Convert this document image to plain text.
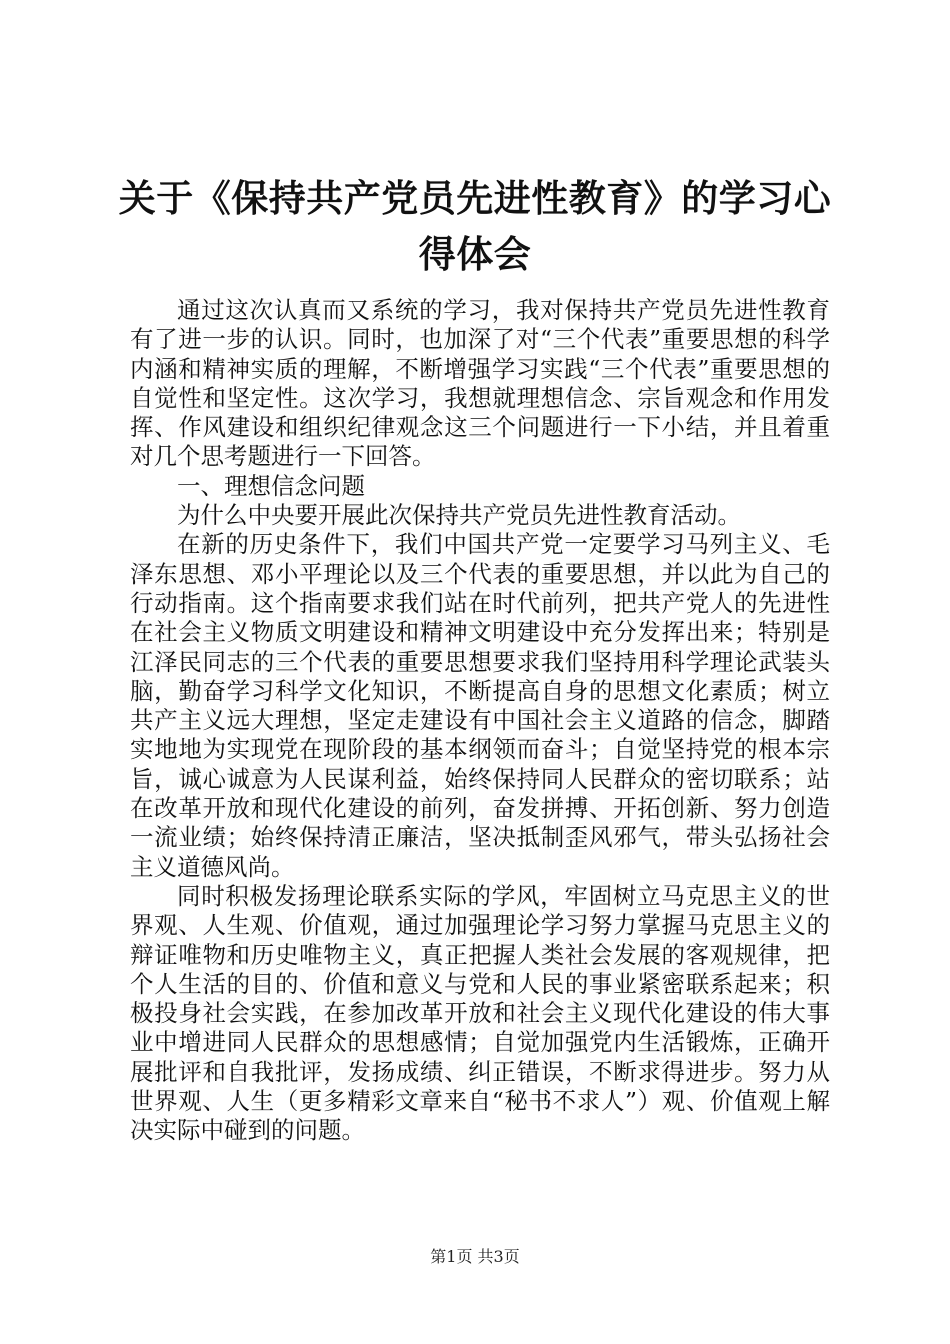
关于《保持共产党员先进性教育》的学习心得体会

通过这次认真而又系统的学习，我对保持共产党员先进性教育有了进一步的认识。同时，也加深了对“三个代表”重要思想的科学内涵和精神实质的理解，不断增强学习实践“三个代表”重要思想的自觉性和坚定性。这次学习，我想就理想信念、宗旨观念和作用发挥、作风建设和组织纪律观念这三个问题进行一下小结，并且着重对几个思考题进行一下回答。

一、理想信念问题

为什么中央要开展此次保持共产党员先进性教育活动。

在新的历史条件下，我们中国共产党一定要学习马列主义、毛泽东思想、邓小平理论以及三个代表的重要思想，并以此为自己的行动指南。这个指南要求我们站在时代前列，把共产党人的先进性在社会主义物质文明建设和精神文明建设中充分发挥出来；特别是江泽民同志的三个代表的重要思想要求我们坚持用科学理论武装头脑，勤奋学习科学文化知识，不断提高自身的思想文化素质；树立共产主义远大理想，坚定走建设有中国社会主义道路的信念，脚踏实地地为实现党在现阶段的基本纲领而奋斗；自觉坚持党的根本宗旨，诚心诚意为人民谋利益，始终保持同人民群众的密切联系；站在改革开放和现代化建设的前列，奋发拼搏、开拓创新、努力创造一流业绩；始终保持清正廉洁，坚决抵制歪风邪气，带头弘扬社会主义道德风尚。

同时积极发扬理论联系实际的学风，牢固树立马克思主义的世界观、人生观、价值观，通过加强理论学习努力掌握马克思主义的辩证唯物和历史唯物主义，真正把握人类社会发展的客观规律，把个人生活的目的、价值和意义与党和人民的事业紧密联系起来；积极投身社会实践，在参加改革开放和社会主义现代化建设的伟大事业中增进同人民群众的思想感情；自觉加强党内生活锻炼，正确开展批评和自我批评，发扬成绩、纠正错误，不断求得进步。努力从世界观、人生（更多精彩文章来自“秘书不求人”）观、价值观上解决实际中碰到的问题。

第1页 共3页
